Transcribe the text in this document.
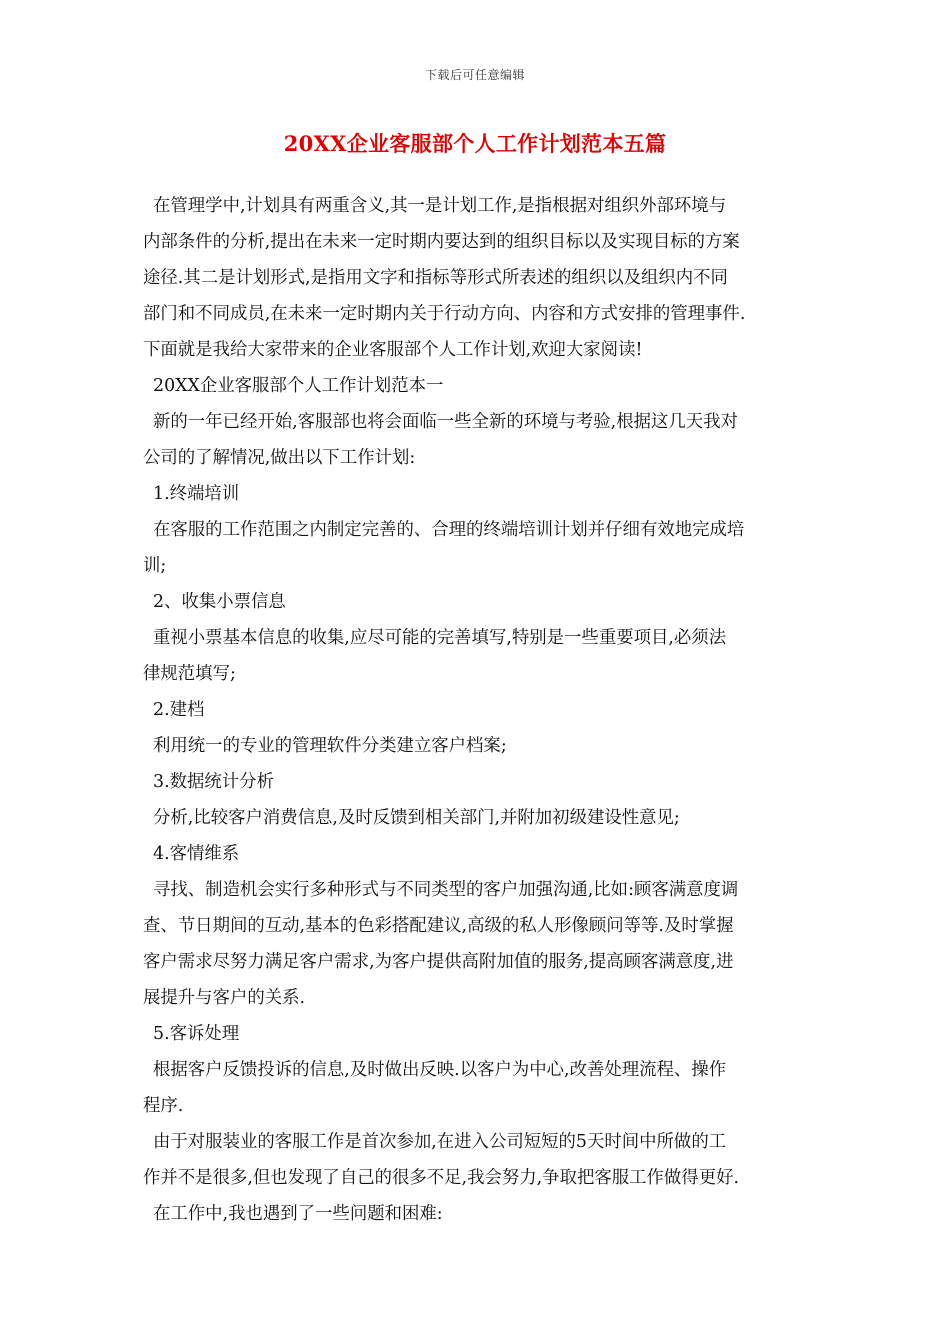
下载后可任意编辑
20XX企业客服部个人工作计划范本五篇
在管理学中,计划具有两重含义,其一是计划工作,是指根据对组织外部环境与
内部条件的分析,提出在未来一定时期内要达到的组织目标以及实现目标的方案
途径.其二是计划形式,是指用文字和指标等形式所表述的组织以及组织内不同
部门和不同成员,在未来一定时期内关于行动方向、内容和方式安排的管理事件.
下面就是我给大家带来的企业客服部个人工作计划,欢迎大家阅读!
20XX企业客服部个人工作计划范本一
新的一年已经开始,客服部也将会面临一些全新的环境与考验,根据这几天我对
公司的了解情况,做出以下工作计划:
1.终端培训
在客服的工作范围之内制定完善的、合理的终端培训计划并仔细有效地完成培
训;
2、收集小票信息
重视小票基本信息的收集,应尽可能的完善填写,特别是一些重要项目,必须法
律规范填写;
2.建档
利用统一的专业的管理软件分类建立客户档案;
3.数据统计分析
分析,比较客户消费信息,及时反馈到相关部门,并附加初级建设性意见;
4.客情维系
寻找、制造机会实行多种形式与不同类型的客户加强沟通,比如:顾客满意度调
查、节日期间的互动,基本的色彩搭配建议,高级的私人形像顾问等等.及时掌握
客户需求尽努力满足客户需求,为客户提供高附加值的服务,提高顾客满意度,进
展提升与客户的关系.
5.客诉处理
根据客户反馈投诉的信息,及时做出反映.以客户为中心,改善处理流程、操作
程序.
由于对服装业的客服工作是首次参加,在进入公司短短的5天时间中所做的工
作并不是很多,但也发现了自己的很多不足,我会努力,争取把客服工作做得更好.
在工作中,我也遇到了一些问题和困难:
